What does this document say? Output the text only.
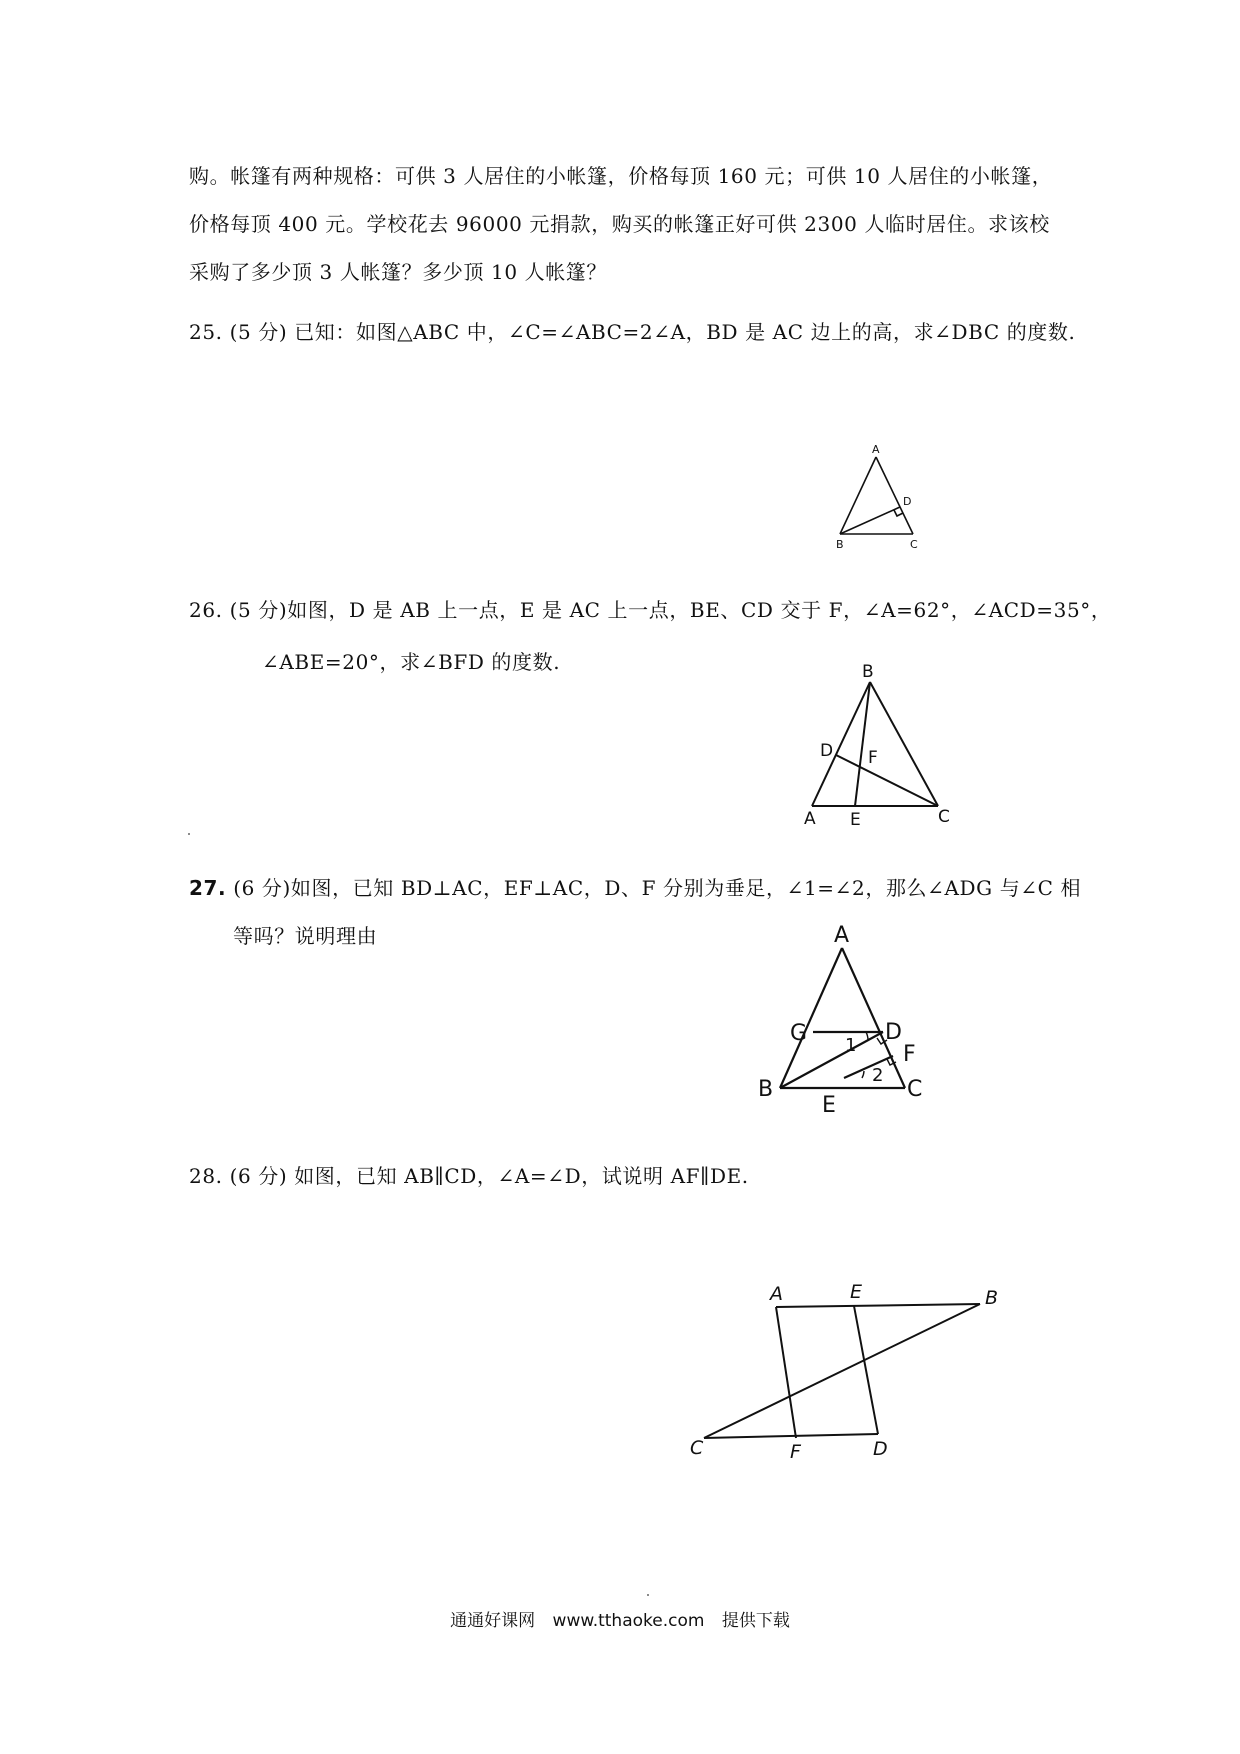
购。帐篷有两种规格：可供 3 人居住的小帐篷，价格每顶 160 元；可供 10 人居住的小帐篷，
价格每顶 400 元。学校花去 96000 元捐款，购买的帐篷正好可供 2300 人临时居住。求该校
采购了多少顶 3 人帐篷？多少顶 10 人帐篷？
25. (5 分) 已知：如图△ABC 中，∠C=∠ABC=2∠A，BD 是 AC 边上的高，求∠DBC 的度数.
A
D
B	C
26. (5 分)如图，D 是 AB 上一点，E 是 AC 上一点，BE、CD 交于 F，∠A=62°，∠ACD=35°，
∠ABE=20°，求∠BFD 的度数.	B
D F
A E	C
27. (6 分)如图，已知 BD⊥AC，EF⊥AC，D、F 分别为垂足，∠1=∠2，那么∠ADG 与∠C 相
等吗？说明理由	A
G	D
F
1
2
B	C
E
28. (6 分) 如图，已知 AB∥CD，∠A=∠D，试说明 AF∥DE.
A	E	B
C	F	D
通通好课网 www.tthaoke.com 提供下载
